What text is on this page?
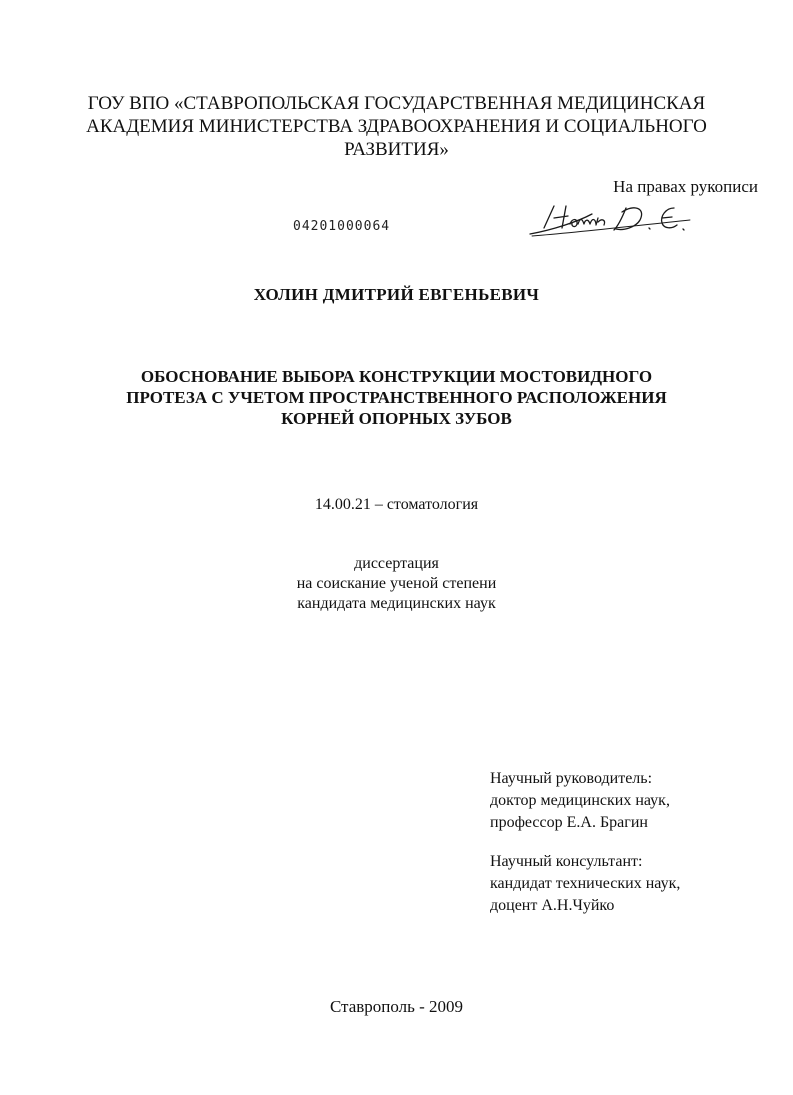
ГОУ ВПО «СТАВРОПОЛЬСКАЯ ГОСУДАРСТВЕННАЯ МЕДИЦИНСКАЯ
АКАДЕМИЯ МИНИСТЕРСТВА ЗДРАВООХРАНЕНИЯ И СОЦИАЛЬНОГО
РАЗВИТИЯ»
На правах рукописи
04201000064
ХОЛИН ДМИТРИЙ ЕВГЕНЬЕВИЧ
ОБОСНОВАНИЕ ВЫБОРА КОНСТРУКЦИИ МОСТОВИДНОГО
ПРОТЕЗА С УЧЕТОМ ПРОСТРАНСТВЕННОГО РАСПОЛОЖЕНИЯ
КОРНЕЙ ОПОРНЫХ ЗУБОВ
14.00.21 – стоматология
диссертация
на соискание ученой степени
кандидата медицинских наук
Научный руководитель:
доктор медицинских наук,
профессор Е.А. Брагин
Научный консультант:
кандидат технических наук,
доцент А.Н.Чуйко
Ставрополь - 2009
